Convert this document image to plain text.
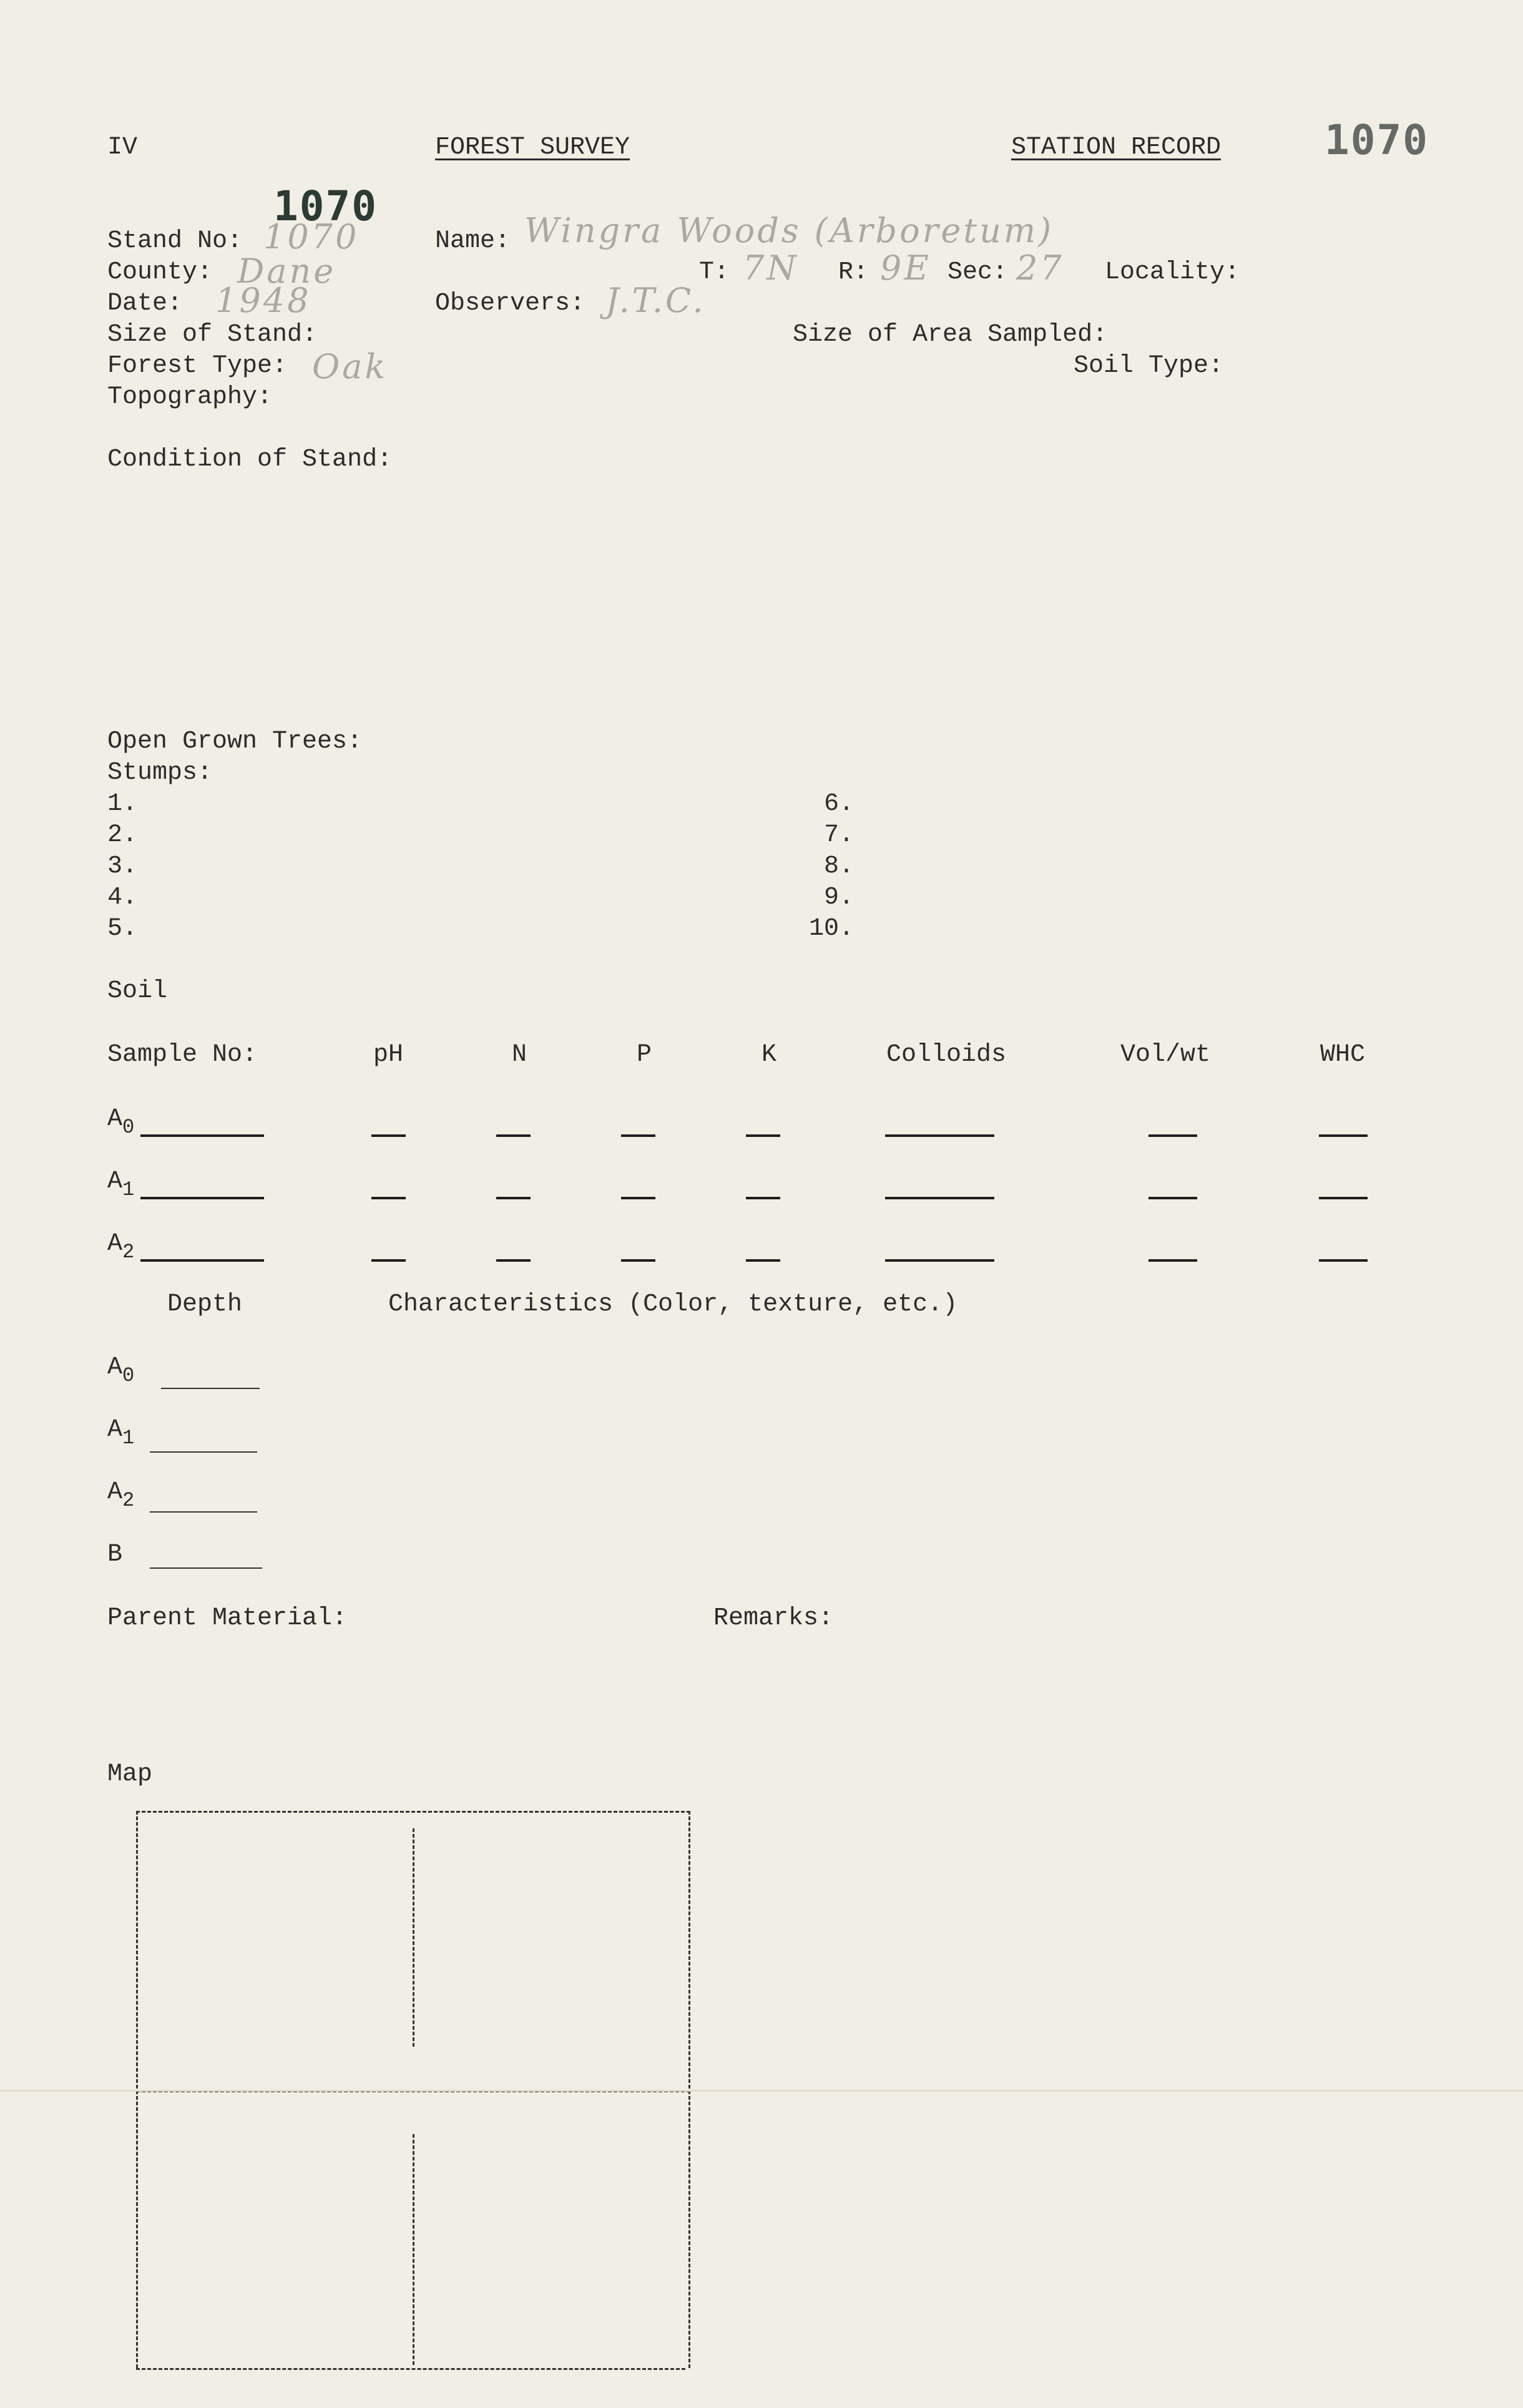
IV	FOREST SURVEY	STATION RECORD	1070
1070
Stand No: 1070	Name: Wingra Woods (Arboretum)
County: Dane	T: 7N R: 9E Sec: 27 Locality:
Date: 1948	Observers: J.T.C.
Size of Stand:	Size of Area Sampled:
Forest Type: Oak	Soil Type:
Topography:
Condition of Stand:
Open Grown Trees:
Stumps:
1.
2.
3.
4.
5.
6.
7.
8.
9.
10.
Soil
Sample No:	pH	N	P	K	Colloids	Vol/wt	WHC
$A_0$
$A_1$
$A_2$
Depth	Characteristics (Color, texture, etc.)
$A_0$
$A_1$
$A_2$
B
Parent Material:	Remarks:
Map
